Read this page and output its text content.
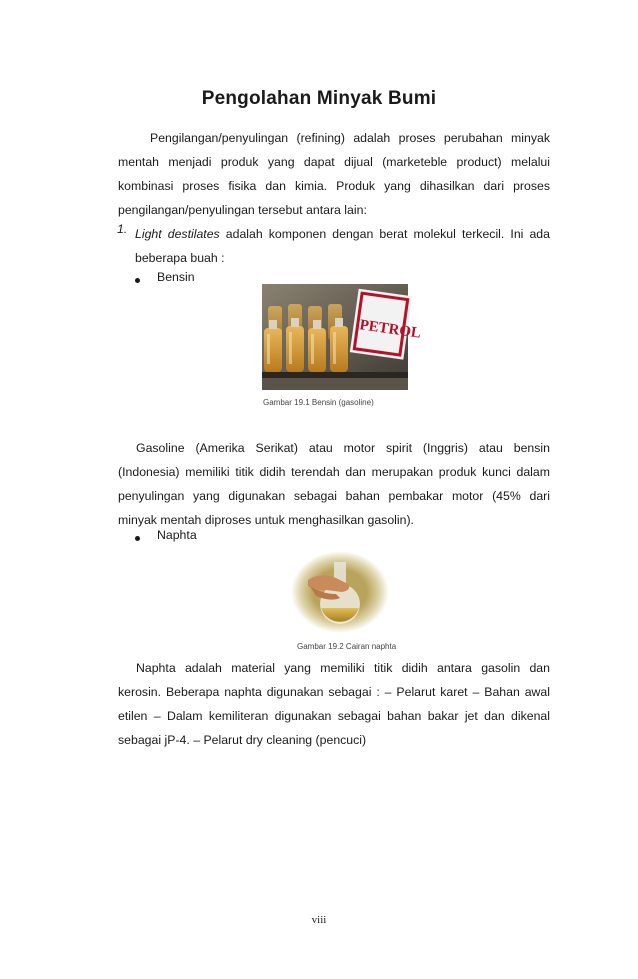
Pengolahan Minyak Bumi
Pengilangan/penyulingan (refining) adalah proses perubahan minyak
mentah menjadi produk yang dapat dijual (marketeble product) melalui
kombinasi proses fisika dan kimia. Produk yang dihasilkan dari proses
pengilangan/penyulingan tersebut antara lain:
1. Light destilates adalah komponen dengan berat molekul terkecil. Ini ada
beberapa buah :
Bensin
PETROL
Gambar 19.1 Bensin (gasoline)
Gasoline (Amerika Serikat) atau motor spirit (Inggris) atau bensin
(Indonesia) memiliki titik didih terendah dan merupakan produk kunci dalam
penyulingan yang digunakan sebagai bahan pembakar motor (45% dari
minyak mentah diproses untuk menghasilkan gasolin).
Naphta
Gambar 19.2 Cairan naphta
Naphta adalah material yang memiliki titik didih antara gasolin dan
kerosin. Beberapa naphta digunakan sebagai : – Pelarut karet – Bahan awal
etilen – Dalam kemiliteran digunakan sebagai bahan bakar jet dan dikenal
sebagai jP-4. – Pelarut dry cleaning (pencuci)
viii
